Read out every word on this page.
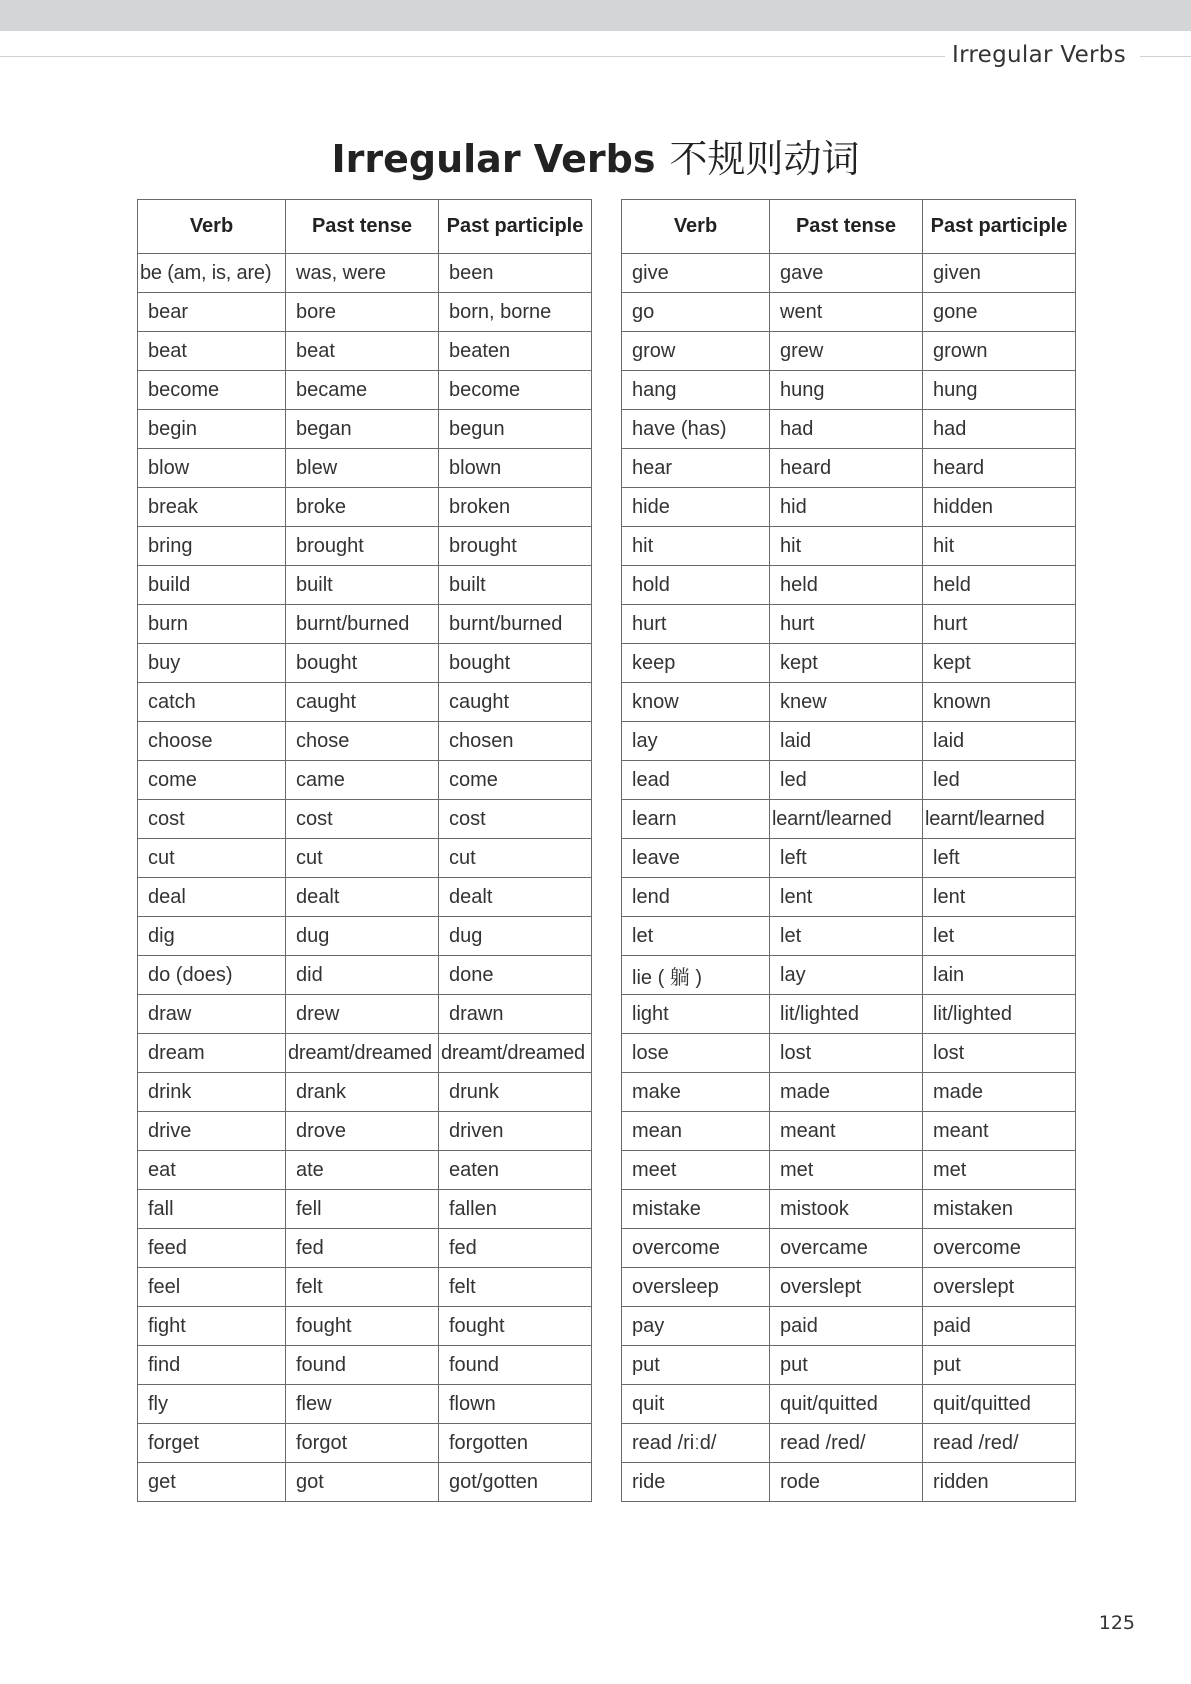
Irregular Verbs
Irregular Verbs 不规则动词
Verb	Past tense	Past participle
be (am, is, are)	was, were	been
bear	bore	born, borne
beat	beat	beaten
become	became	become
begin	began	begun
blow	blew	blown
break	broke	broken
bring	brought	brought
build	built	built
burn	burnt/burned	burnt/burned
buy	bought	bought
catch	caught	caught
choose	chose	chosen
come	came	come
cost	cost	cost
cut	cut	cut
deal	dealt	dealt
dig	dug	dug
do (does)	did	done
draw	drew	drawn
dream	dreamt/dreamed	dreamt/dreamed
drink	drank	drunk
drive	drove	driven
eat	ate	eaten
fall	fell	fallen
feed	fed	fed
feel	felt	felt
fight	fought	fought
find	found	found
fly	flew	flown
forget	forgot	forgotten
get	got	got/gotten
Verb	Past tense	Past participle
give	gave	given
go	went	gone
grow	grew	grown
hang	hung	hung
have (has)	had	had
hear	heard	heard
hide	hid	hidden
hit	hit	hit
hold	held	held
hurt	hurt	hurt
keep	kept	kept
know	knew	known
lay	laid	laid
lead	led	led
learn	learnt/learned	learnt/learned
leave	left	left
lend	lent	lent
let	let	let
lie ( 躺 )	lay	lain
light	lit/lighted	lit/lighted
lose	lost	lost
make	made	made
mean	meant	meant
meet	met	met
mistake	mistook	mistaken
overcome	overcame	overcome
oversleep	overslept	overslept
pay	paid	paid
put	put	put
quit	quit/quitted	quit/quitted
read /riːd/	read /red/	read /red/
ride	rode	ridden
125
